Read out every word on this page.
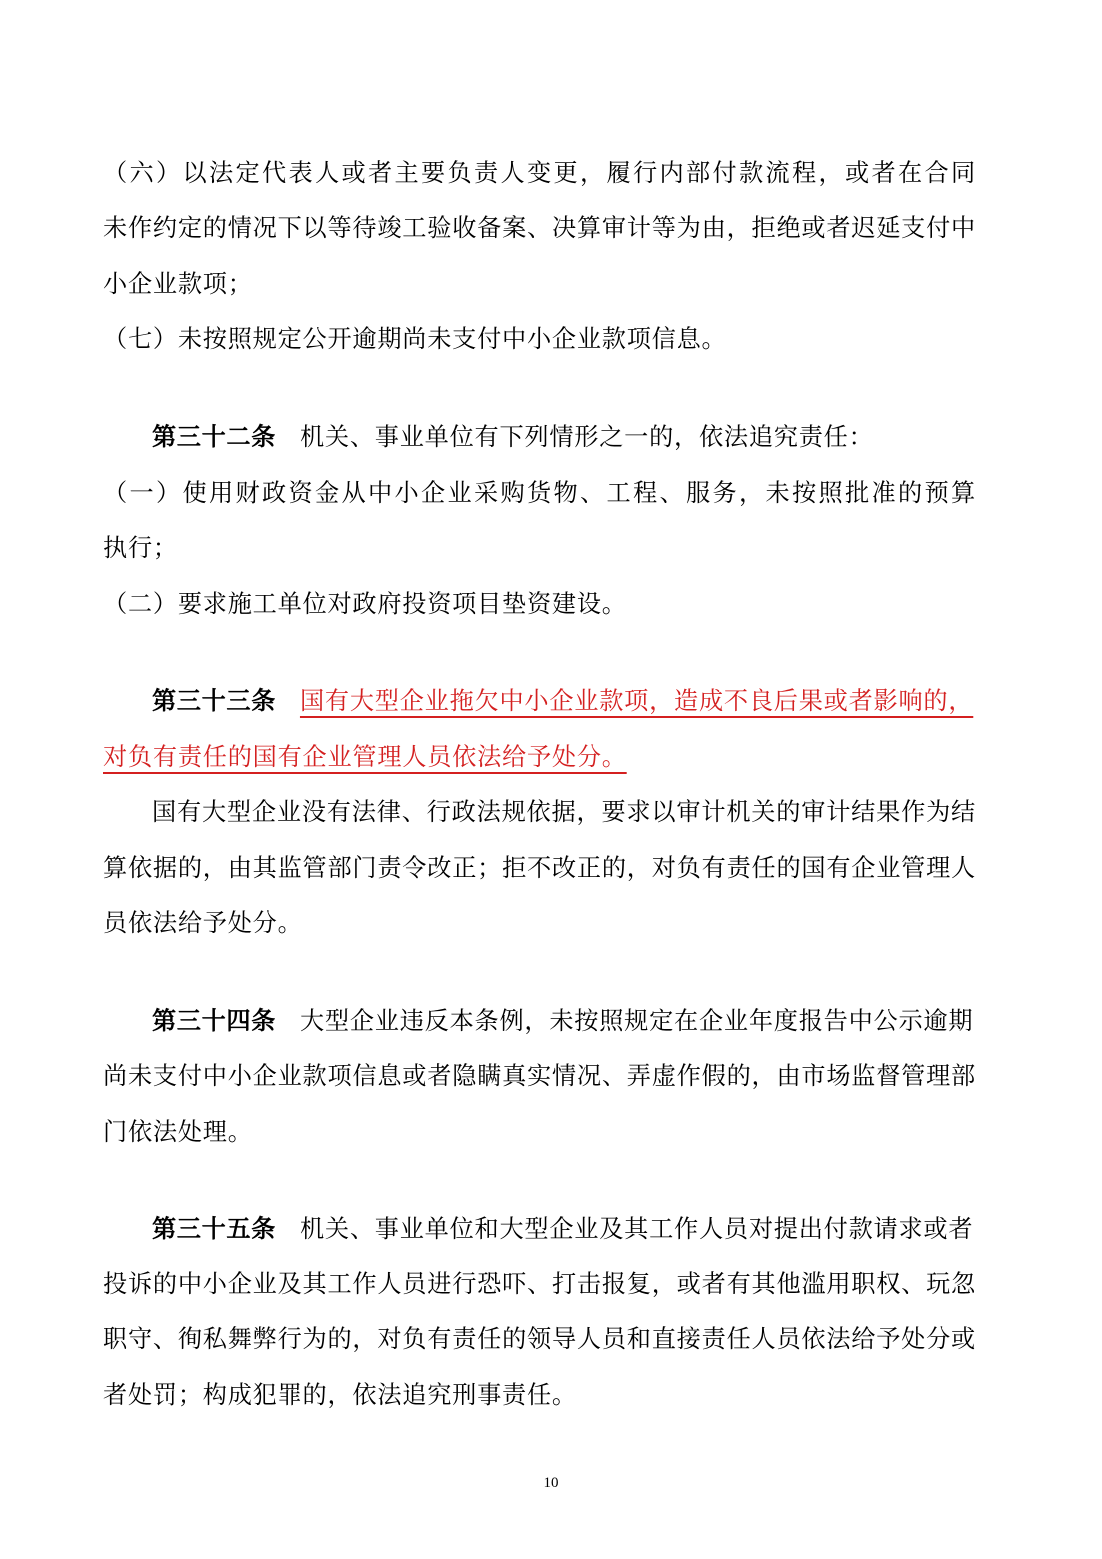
（六）以法定代表人或者主要负责人变更，履行内部付款流程，或者在合同
未作约定的情况下以等待竣工验收备案、决算审计等为由，拒绝或者迟延支付中
小企业款项；
（七）未按照规定公开逾期尚未支付中小企业款项信息。
第三十二条 机关、事业单位有下列情形之一的，依法追究责任：
（一）使用财政资金从中小企业采购货物、工程、服务，未按照批准的预算
执行；
（二）要求施工单位对政府投资项目垫资建设。
第三十三条 国有大型企业拖欠中小企业款项，造成不良后果或者影响的，
对负有责任的国有企业管理人员依法给予处分。
国有大型企业没有法律、行政法规依据，要求以审计机关的审计结果作为结
算依据的，由其监管部门责令改正；拒不改正的，对负有责任的国有企业管理人
员依法给予处分。
第三十四条 大型企业违反本条例，未按照规定在企业年度报告中公示逾期
尚未支付中小企业款项信息或者隐瞒真实情况、弄虚作假的，由市场监督管理部
门依法处理。
第三十五条 机关、事业单位和大型企业及其工作人员对提出付款请求或者
投诉的中小企业及其工作人员进行恐吓、打击报复，或者有其他滥用职权、玩忽
职守、徇私舞弊行为的，对负有责任的领导人员和直接责任人员依法给予处分或
者处罚；构成犯罪的，依法追究刑事责任。
10
